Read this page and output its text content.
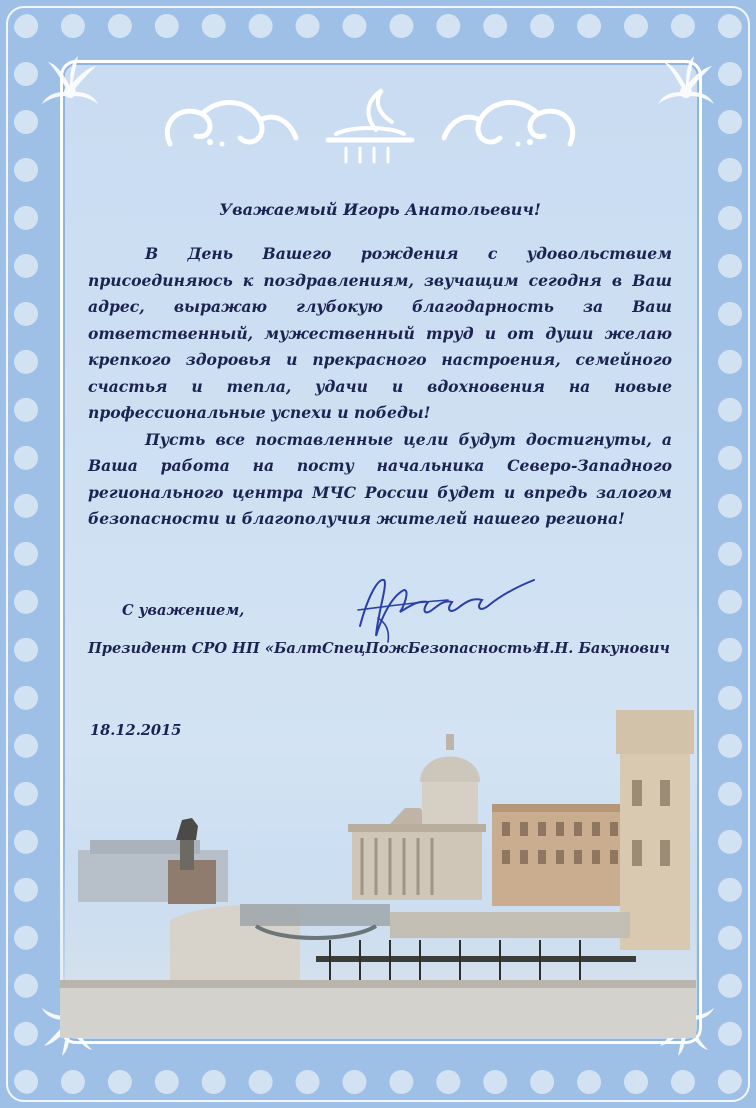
Уважаемый Игорь Анатольевич!

В День Вашего рождения с удовольствием присоединяюсь к поздравлениям, звучащим сегодня в Ваш адрес, выражаю глубокую благодарность за Ваш ответственный, мужественный труд и от души желаю крепкого здоровья и прекрасного настроения, семейного счастья и тепла, удачи и вдохновения на новые профессиональные успехи и победы!

Пусть все поставленные цели будут достигнуты, а Ваша работа на посту начальника Северо-Западного регионального центра МЧС России будет и впредь залогом безопасности и благополучия жителей нашего региона!

С уважением,
Президент СРО НП «БалтСпецПожБезопасность»
Н.Н. Бакунович
18.12.2015
